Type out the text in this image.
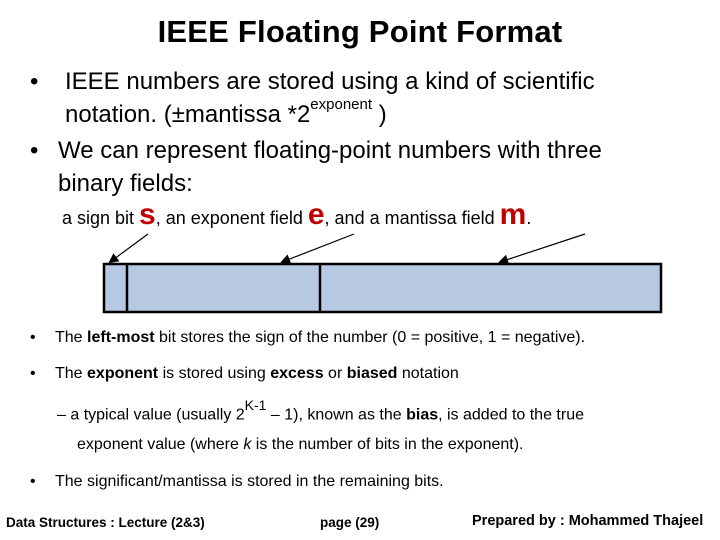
IEEE Floating Point Format
• IEEE numbers are stored using a kind of scientific
notation. (±mantissa $*2^{exponent}$ )
• We can represent floating-point numbers with three
binary fields:
a sign bit s, an exponent field e, and a mantissa field m.
• The left-most bit stores the sign of the number (0 = positive, 1 = negative).
• The exponent is stored using excess or biased notation
– a typical value (usually $2^{K-1} - 1$), known as the bias, is added to the true
exponent value (where k is the number of bits in the exponent).
• The significant/mantissa is stored in the remaining bits.
Data Structures : Lecture (2&3)	page (29)	Prepared by : Mohammed Thajeel
